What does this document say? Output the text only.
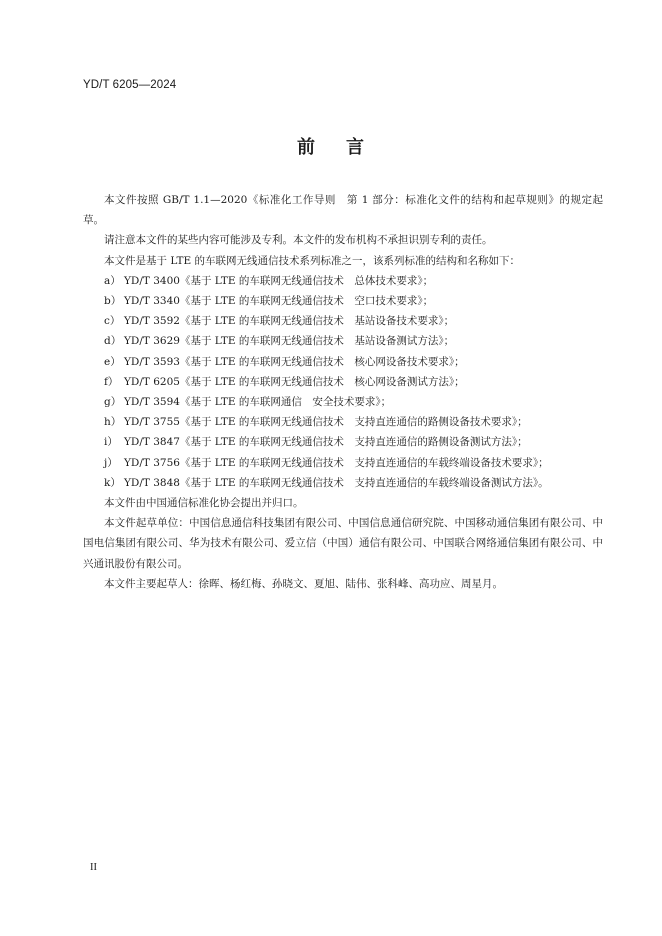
YD/T 6205—2024
前 言

本文件按照 GB/T 1.1—2020《标准化工作导则　第 1 部分：标准化文件的结构和起草规则》的规定起草。

请注意本文件的某些内容可能涉及专利。本文件的发布机构不承担识别专利的责任。

本文件是基于 LTE 的车联网无线通信技术系列标准之一，该系列标准的结构和名称如下：

a） YD/T 3400《基于 LTE 的车联网无线通信技术　总体技术要求》；
b） YD/T 3340《基于 LTE 的车联网无线通信技术　空口技术要求》；
c） YD/T 3592《基于 LTE 的车联网无线通信技术　基站设备技术要求》；
d） YD/T 3629《基于 LTE 的车联网无线通信技术　基站设备测试方法》；
e） YD/T 3593《基于 LTE 的车联网无线通信技术　核心网设备技术要求》；
f） YD/T 6205《基于 LTE 的车联网无线通信技术　核心网设备测试方法》；
g） YD/T 3594《基于 LTE 的车联网通信　安全技术要求》；
h） YD/T 3755《基于 LTE 的车联网无线通信技术　支持直连通信的路侧设备技术要求》；
i） YD/T 3847《基于 LTE 的车联网无线通信技术　支持直连通信的路侧设备测试方法》；
j） YD/T 3756《基于 LTE 的车联网无线通信技术　支持直连通信的车载终端设备技术要求》；
k） YD/T 3848《基于 LTE 的车联网无线通信技术　支持直连通信的车载终端设备测试方法》。

本文件由中国通信标准化协会提出并归口。

本文件起草单位：中国信息通信科技集团有限公司、中国信息通信研究院、中国移动通信集团有限公司、中国电信集团有限公司、华为技术有限公司、爱立信（中国）通信有限公司、中国联合网络通信集团有限公司、中兴通讯股份有限公司。

本文件主要起草人：徐晖、杨红梅、孙晓文、夏旭、陆伟、张科峰、高功应、周星月。

II
